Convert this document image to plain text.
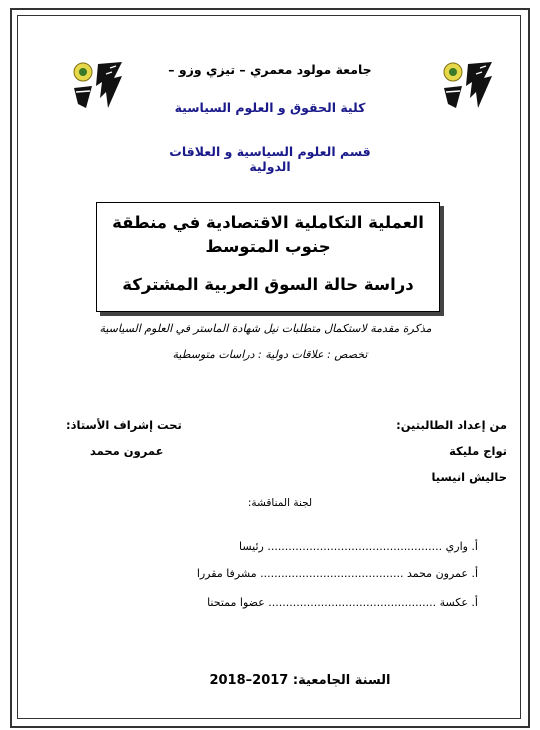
جامعة مولود معمري – تيزي وزو –
كلية الحقوق و العلوم السياسية
قسم العلوم السياسية و العلاقات الدولية
العملية التكاملية الاقتصادية في منطقة جنوب المتوسط
دراسة حالة السوق العربية المشتركة
مذكرة مقدمة لاستكمال متطلبات نيل شهادة الماستر في العلوم السياسية
تخصص : علاقات دولية : دراسات متوسطية
من إعداد الطالبتين:
تحت إشراف الأستاذ:
تواج مليكة
عمرون محمد
حاليش انيسيا
لجنة المناقشة:
أ. واري .................................................. رئيسا
أ. عمرون محمد ......................................... مشرفا مقررا
أ. عكسة ................................................ عضوا ممتحنا
السنة الجامعية: 2017–2018
